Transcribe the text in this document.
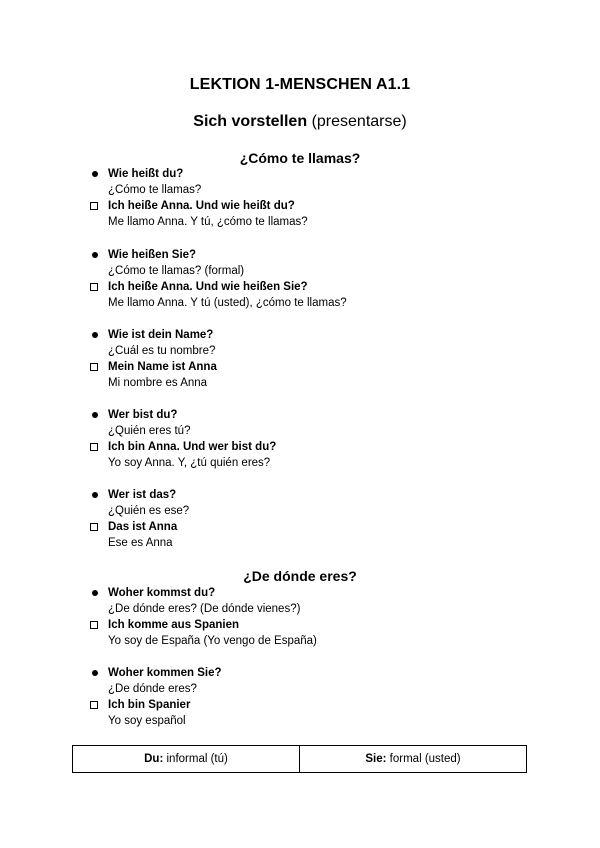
LEKTION 1-MENSCHEN A1.1
Sich vorstellen (presentarse)
¿Cómo te llamas?
Wie heißt du?
¿Cómo te llamas?
Ich heiße Anna. Und wie heißt du?
Me llamo Anna. Y tú, ¿cómo te llamas?
Wie heißen Sie?
¿Cómo te llamas? (formal)
Ich heiße Anna. Und wie heißen Sie?
Me llamo Anna. Y tú (usted), ¿cómo te llamas?
Wie ist dein Name?
¿Cuál es tu nombre?
Mein Name ist Anna
Mi nombre es Anna
Wer bist du?
¿Quién eres tú?
Ich bin Anna. Und wer bist du?
Yo soy Anna. Y, ¿tú quién eres?
Wer ist das?
¿Quién es ese?
Das ist Anna
Ese es Anna
¿De dónde eres?
Woher kommst du?
¿De dónde eres? (De dónde vienes?)
Ich komme aus Spanien
Yo soy de España (Yo vengo de España)
Woher kommen Sie?
¿De dónde eres?
Ich bin Spanier
Yo soy español
Du: informal (tú)	Sie: formal (usted)
